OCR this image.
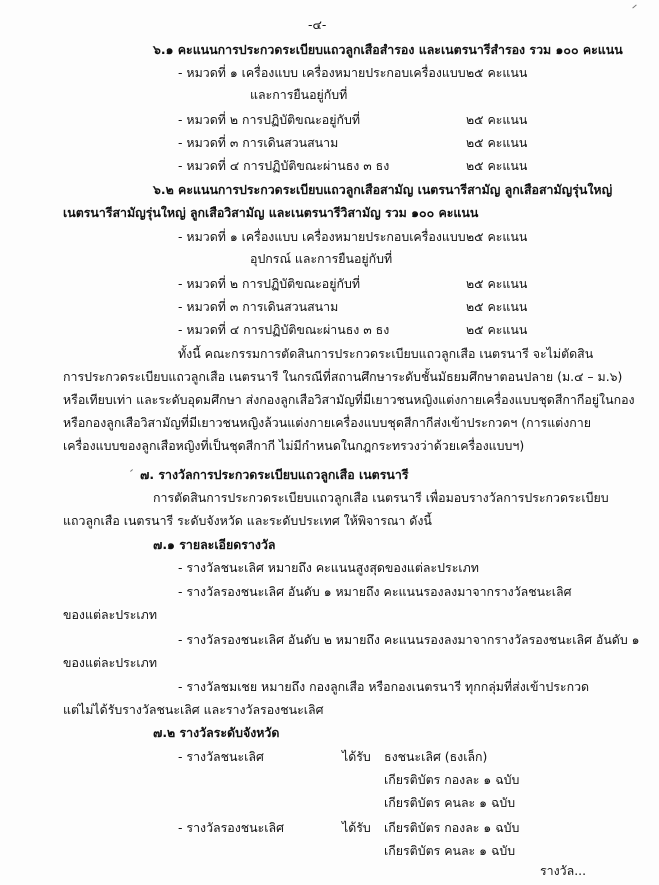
-๔-
๖.๑ คะแนนการประกวดระเบียบแถวลูกเสือสำรอง และเนตรนารีสำรอง รวม ๑๐๐ คะแนน
- หมวดที่ ๑ เครื่องแบบ เครื่องหมายประกอบเครื่องแบบ ๒๕ คะแนน
และการยืนอยู่กับที่
- หมวดที่ ๒ การปฏิบัติขณะอยู่กับที่	๒๕ คะแนน
- หมวดที่ ๓ การเดินสวนสนาม	๒๕ คะแนน
- หมวดที่ ๔ การปฏิบัติขณะผ่านธง ๓ ธง	๒๕ คะแนน
๖.๒ คะแนนการประกวดระเบียบแถวลูกเสือสามัญ เนตรนารีสามัญ ลูกเสือสามัญรุ่นใหญ่
เนตรนารีสามัญรุ่นใหญ่ ลูกเสือวิสามัญ และเนตรนารีวิสามัญ รวม ๑๐๐ คะแนน
- หมวดที่ ๑ เครื่องแบบ เครื่องหมายประกอบเครื่องแบบ ๒๕ คะแนน
อุปกรณ์ และการยืนอยู่กับที่
- หมวดที่ ๒ การปฏิบัติขณะอยู่กับที่	๒๕ คะแนน
- หมวดที่ ๓ การเดินสวนสนาม	๒๕ คะแนน
- หมวดที่ ๔ การปฏิบัติขณะผ่านธง ๓ ธง	๒๕ คะแนน
ทั้งนี้ คณะกรรมการตัดสินการประกวดระเบียบแถวลูกเสือ เนตรนารี จะไม่ตัดสิน
การประกวดระเบียบแถวลูกเสือ เนตรนารี ในกรณีที่สถานศึกษาระดับชั้นมัธยมศึกษาตอนปลาย (ม.๔ – ม.๖)
หรือเทียบเท่า และระดับอุดมศึกษา ส่งกองลูกเสือวิสามัญที่มีเยาวชนหญิงแต่งกายเครื่องแบบชุดสีกากีอยู่ในกอง
หรือกองลูกเสือวิสามัญที่มีเยาวชนหญิงล้วนแต่งกายเครื่องแบบชุดสีกากีส่งเข้าประกวดฯ (การแต่งกาย
เครื่องแบบของลูกเสือหญิงที่เป็นชุดสีกากี ไม่มีกำหนดในกฎกระทรวงว่าด้วยเครื่องแบบฯ)
๗. รางวัลการประกวดระเบียบแถวลูกเสือ เนตรนารี
การตัดสินการประกวดระเบียบแถวลูกเสือ เนตรนารี เพื่อมอบรางวัลการประกวดระเบียบ
แถวลูกเสือ เนตรนารี ระดับจังหวัด และระดับประเทศ ให้พิจารณา ดังนี้
๗.๑ รายละเอียดรางวัล
- รางวัลชนะเลิศ หมายถึง คะแนนสูงสุดของแต่ละประเภท
- รางวัลรองชนะเลิศ อันดับ ๑ หมายถึง คะแนนรองลงมาจากรางวัลชนะเลิศ
ของแต่ละประเภท
- รางวัลรองชนะเลิศ อันดับ ๒ หมายถึง คะแนนรองลงมาจากรางวัลรองชนะเลิศ อันดับ ๑
ของแต่ละประเภท
- รางวัลชมเชย หมายถึง กองลูกเสือ หรือกองเนตรนารี ทุกกลุ่มที่ส่งเข้าประกวด
แต่ไม่ได้รับรางวัลชนะเลิศ และรางวัลรองชนะเลิศ
๗.๒ รางวัลระดับจังหวัด
- รางวัลชนะเลิศ	ได้รับ ธงชนะเลิศ (ธงเล็ก)
เกียรติบัตร กองละ ๑ ฉบับ
เกียรติบัตร คนละ ๑ ฉบับ
- รางวัลรองชนะเลิศ	ได้รับ เกียรติบัตร กองละ ๑ ฉบับ
เกียรติบัตร คนละ ๑ ฉบับ
รางวัล...
